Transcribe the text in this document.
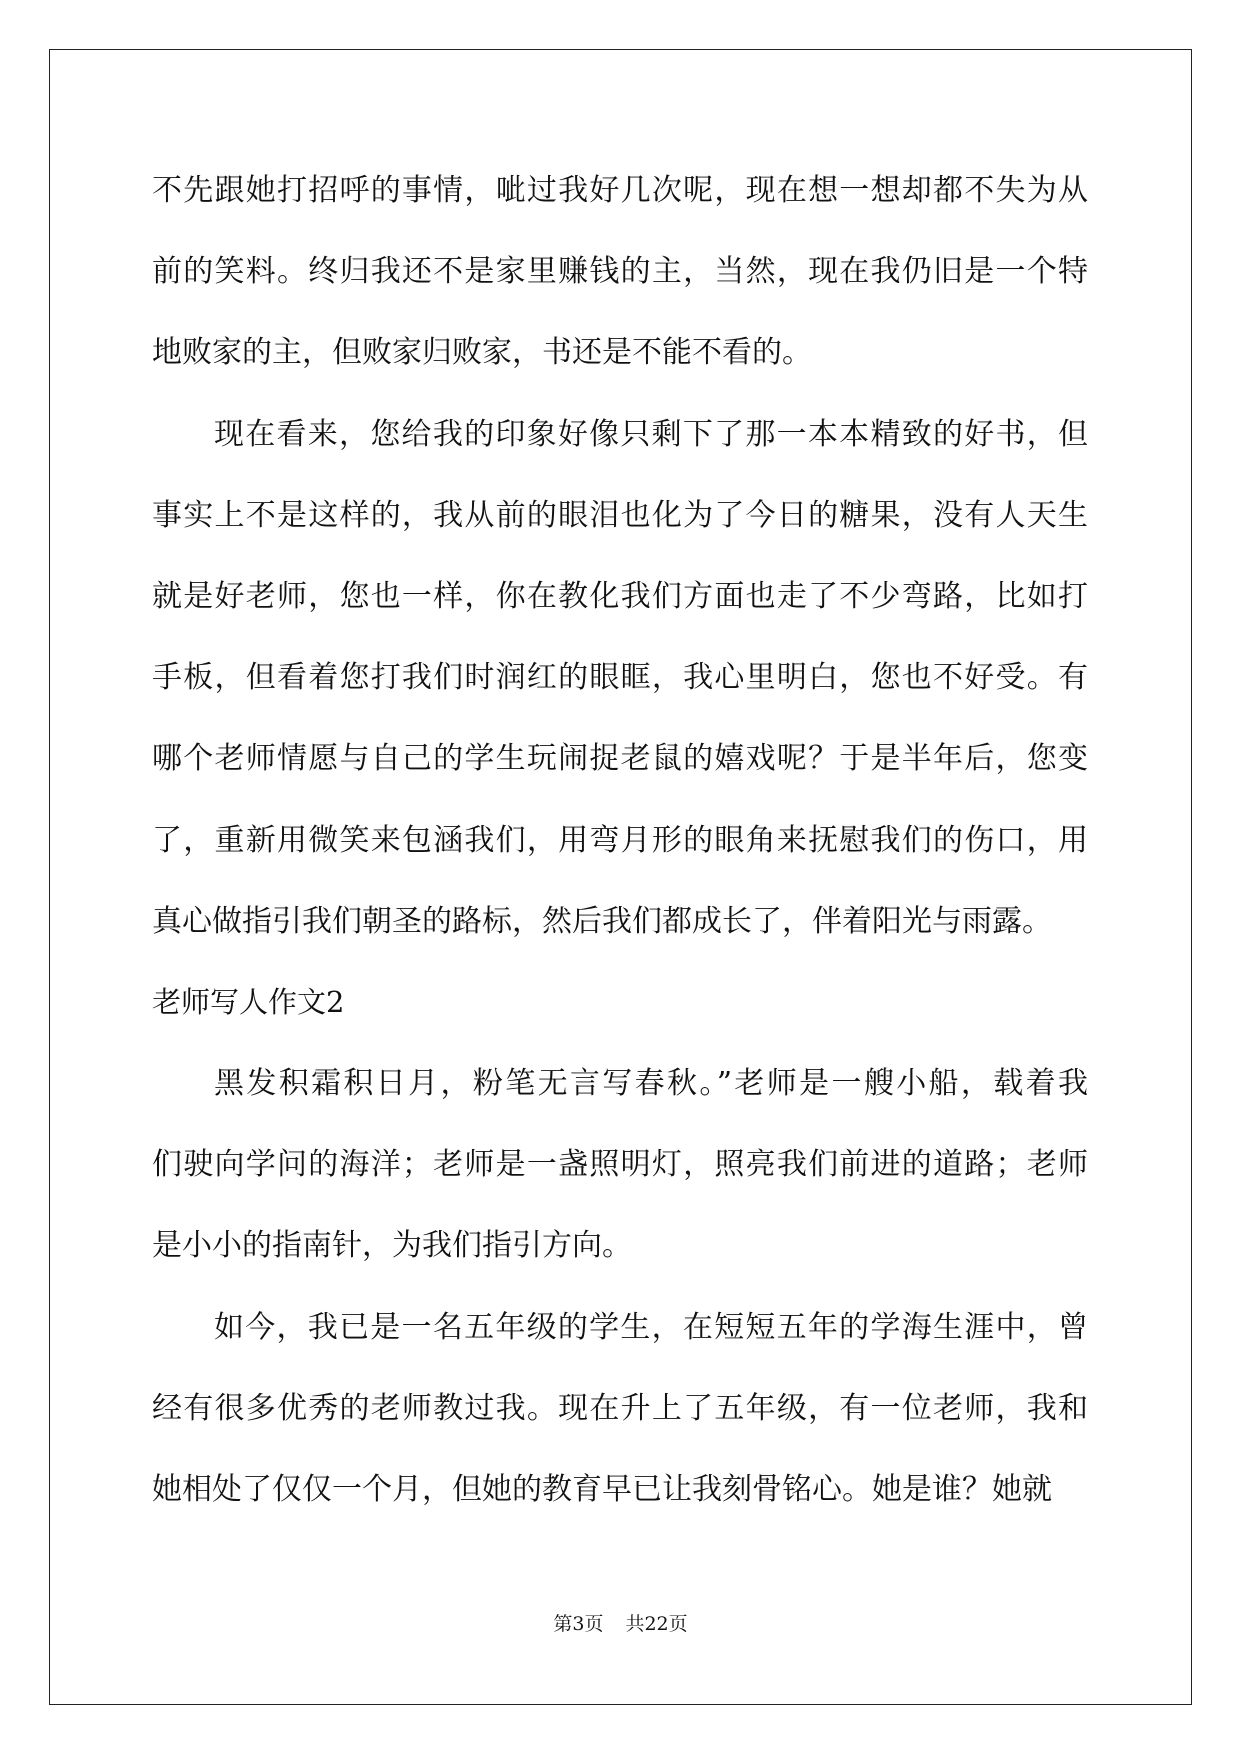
不先跟她打招呼的事情，呲过我好几次呢，现在想一想却都不失为从
前的笑料。终归我还不是家里赚钱的主，当然，现在我仍旧是一个特
地败家的主，但败家归败家，书还是不能不看的。
现在看来，您给我的印象好像只剩下了那一本本精致的好书，但
事实上不是这样的，我从前的眼泪也化为了今日的糖果，没有人天生
就是好老师，您也一样，你在教化我们方面也走了不少弯路，比如打
手板，但看着您打我们时润红的眼眶，我心里明白，您也不好受。有
哪个老师情愿与自己的学生玩闹捉老鼠的嬉戏呢？于是半年后，您变
了，重新用微笑来包涵我们，用弯月形的眼角来抚慰我们的伤口，用
真心做指引我们朝圣的路标，然后我们都成长了，伴着阳光与雨露。
老师写人作文2
黑发积霜积日月，粉笔无言写春秋。”老师是一艘小船，载着我
们驶向学问的海洋；老师是一盏照明灯，照亮我们前进的道路；老师
是小小的指南针，为我们指引方向。
如今，我已是一名五年级的学生，在短短五年的学海生涯中，曾
经有很多优秀的老师教过我。现在升上了五年级，有一位老师，我和
她相处了仅仅一个月，但她的教育早已让我刻骨铭心。她是谁？她就
第3页 共22页
